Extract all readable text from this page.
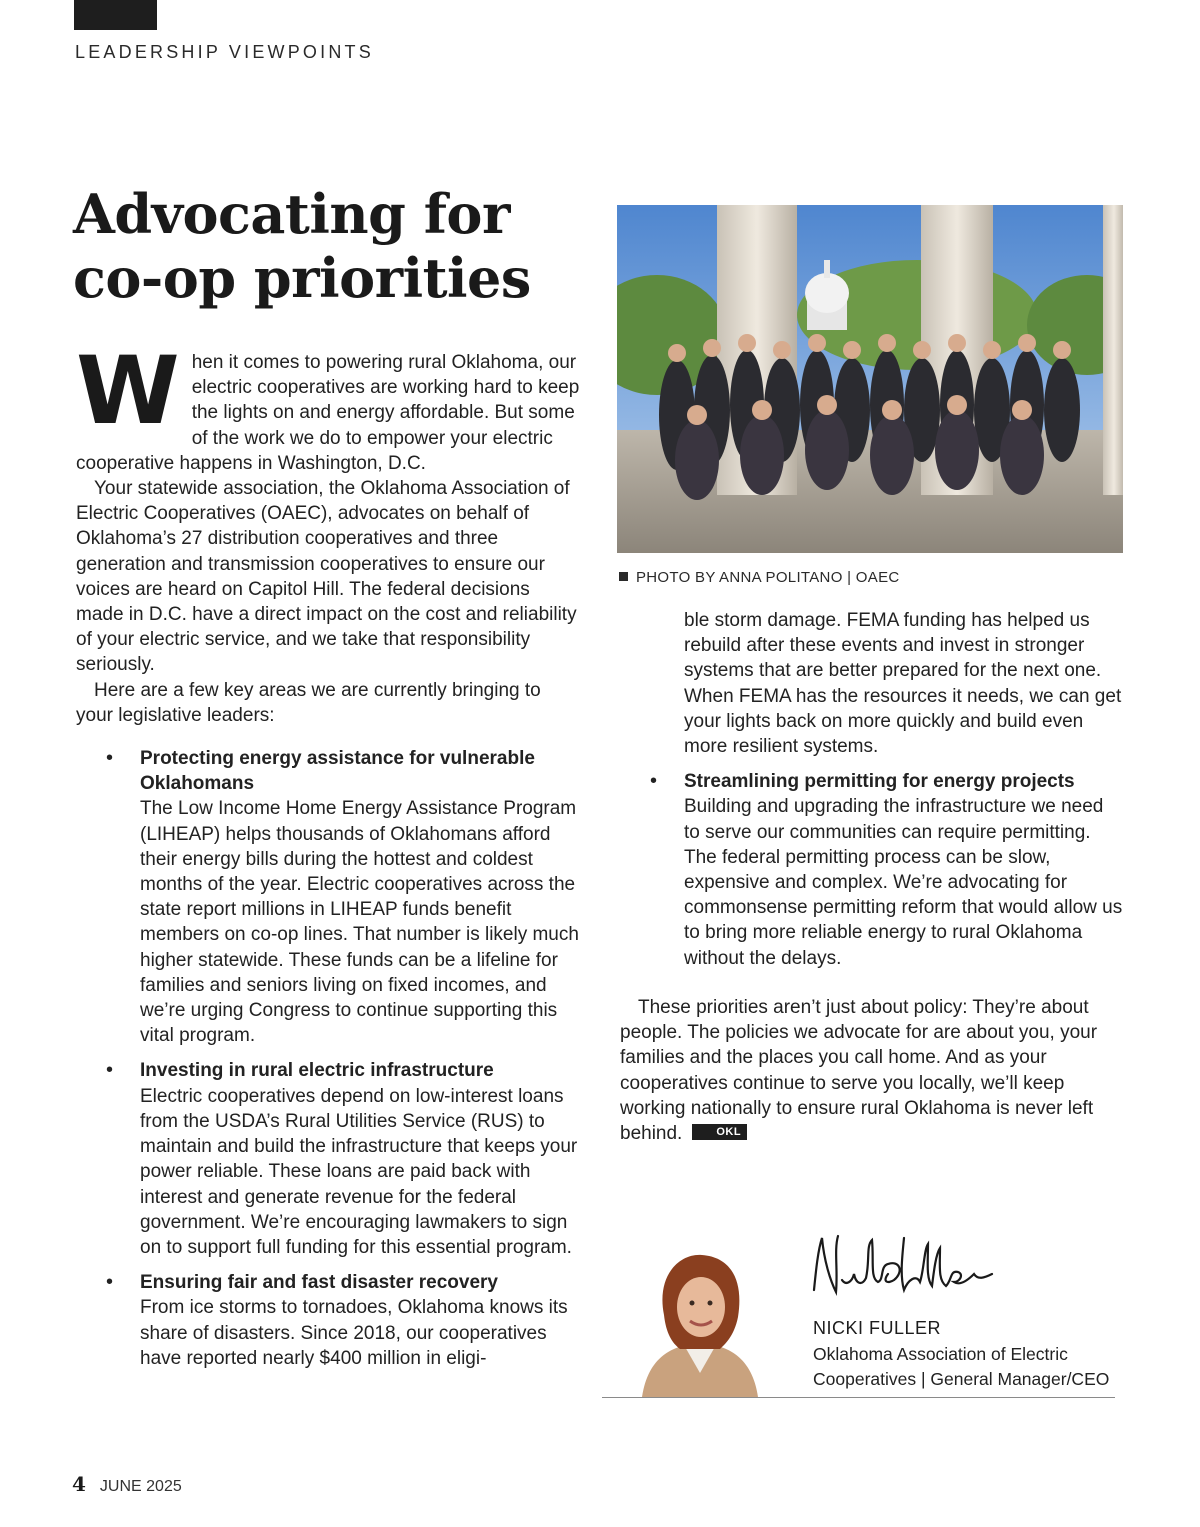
LEADERSHIP VIEWPOINTS
Advocating for
co-op priorities

When it comes to powering rural Oklahoma, our electric cooperatives are working hard to keep the lights on and energy affordable. But some of the work we do to empower your electric cooperative happens in Washington, D.C.

Your statewide association, the Oklahoma Association of Electric Cooperatives (OAEC), advocates on behalf of Oklahoma’s 27 distribution cooperatives and three generation and transmission cooperatives to ensure our voices are heard on Capitol Hill. The federal decisions made in D.C. have a direct impact on the cost and reliability of your electric service, and we take that responsibility seriously.

Here are a few key areas we are currently bringing to your legislative leaders:

• Protecting energy assistance for vulnerable Oklahomans
The Low Income Home Energy Assistance Program (LIHEAP) helps thousands of Oklahomans afford their energy bills during the hottest and coldest months of the year. Electric cooperatives across the state report millions in LIHEAP funds benefit members on co-op lines. That number is likely much higher statewide. These funds can be a lifeline for families and seniors living on fixed incomes, and we’re urging Congress to continue supporting this vital program.
• Investing in rural electric infrastructure
Electric cooperatives depend on low-interest loans from the USDA’s Rural Utilities Service (RUS) to maintain and build the infrastructure that keeps your power reliable. These loans are paid back with interest and generate revenue for the federal government. We’re encouraging lawmakers to sign on to support full funding for this essential program.
• Ensuring fair and fast disaster recovery
From ice storms to tornadoes, Oklahoma knows its share of disasters. Since 2018, our cooperatives have reported nearly $400 million in eligi-
PHOTO BY ANNA POLITANO | OAEC

ble storm damage. FEMA funding has helped us rebuild after these events and invest in stronger systems that are better prepared for the next one. When FEMA has the resources it needs, we can get your lights back on more quickly and build even more resilient systems.

• Streamlining permitting for energy projects
Building and upgrading the infrastructure we need to serve our communities can require permitting. The federal permitting process can be slow, expensive and complex. We’re advocating for commonsense permitting reform that would allow us to bring more reliable energy to rural Oklahoma without the delays.

These priorities aren’t just about policy: They’re about people. The policies we advocate for are about you, your families and the places you call home. And as your cooperatives continue to serve you locally, we’ll keep working nationally to ensure rural Oklahoma is never left behind.	OKL

NICKI FULLER

Oklahoma Association of Electric Cooperatives | General Manager/CEO

4 JUNE 2025
